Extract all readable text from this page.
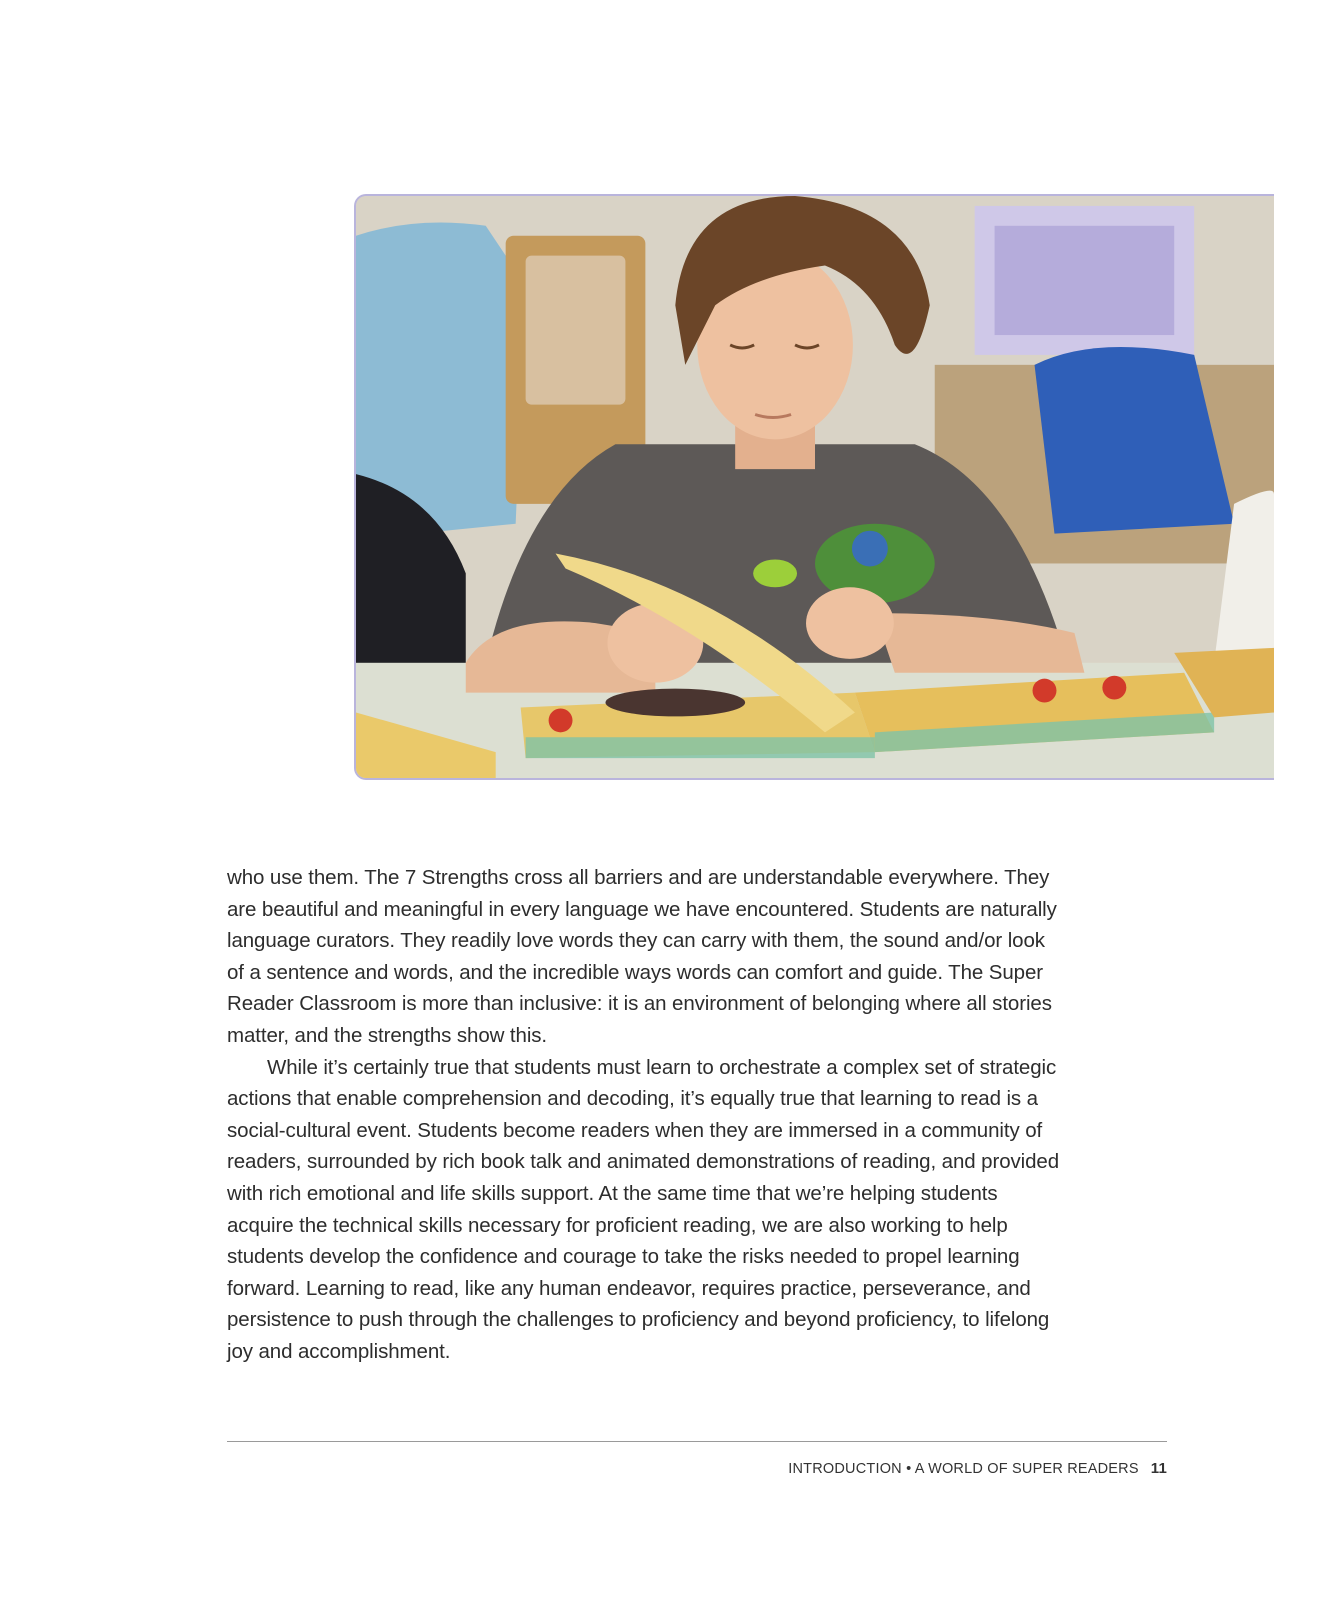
who use them. The 7 Strengths cross all barriers and are understandable everywhere. They are beautiful and meaningful in every language we have encountered. Students are naturally language curators. They readily love words they can carry with them, the sound and/or look of a sentence and words, and the incredible ways words can comfort and guide. The Super Reader Classroom is more than inclusive: it is an environment of belonging where all stories matter, and the strengths show this.

While it’s certainly true that students must learn to orchestrate a complex set of strategic actions that enable comprehension and decoding, it’s equally true that learning to read is a social-cultural event. Students become readers when they are immersed in a community of readers, surrounded by rich book talk and animated demonstrations of reading, and provided with rich emotional and life skills support. At the same time that we’re helping students acquire the technical skills necessary for proficient reading, we are also working to help students develop the confidence and courage to take the risks needed to propel learning forward. Learning to read, like any human endeavor, requires practice, perseverance, and persistence to push through the challenges to proficiency and beyond proficiency, to lifelong joy and accomplishment.

INTRODUCTION • A WORLD OF SUPER READERS 11
